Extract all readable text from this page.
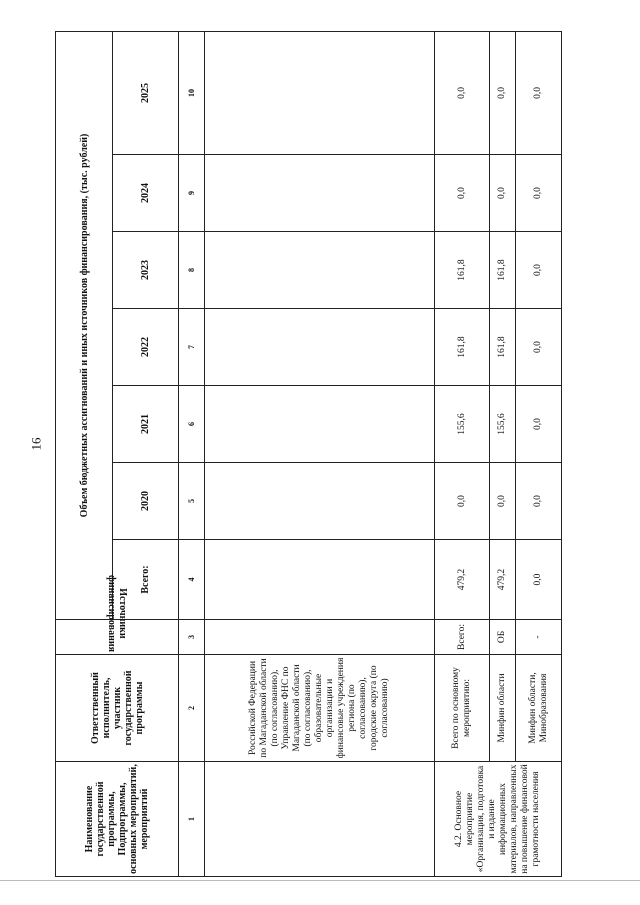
16
Наименование государственной программы, Подпрограммы, основных мероприятий, мероприятий	Ответственный исполнитель, участник государственной программы	Источники финансирования	Объем бюджетных ассигнований и иных источников финансирования, (тыс. рублей)						
			Всего:	2020	2021	2022	2023	2024	2025
1	2	3	4	5	6	7	8	9	10
	Российской Федерации по Магаданской области (по согласованию), Управление ФНС по Магаданской области (по согласованию), образовательные организации и финансовые учреждения региона (по согласованию), городские округа (по согласованию)								
4.2. Основное мероприятие «Организация, подготовка и издание информационных материалов, направленных на повышение финансовой грамотности населения	Всего по основному мероприятию:	Всего:	479,2	0,0	155,6	161,8	161,8	0,0	0,0
	Минфин области	ОБ	479,2	0,0	155,6	161,8	161,8	0,0	0,0
	Минфин области, Минобразования	-	0,0	0,0	0,0	0,0	0,0	0,0	0,0
